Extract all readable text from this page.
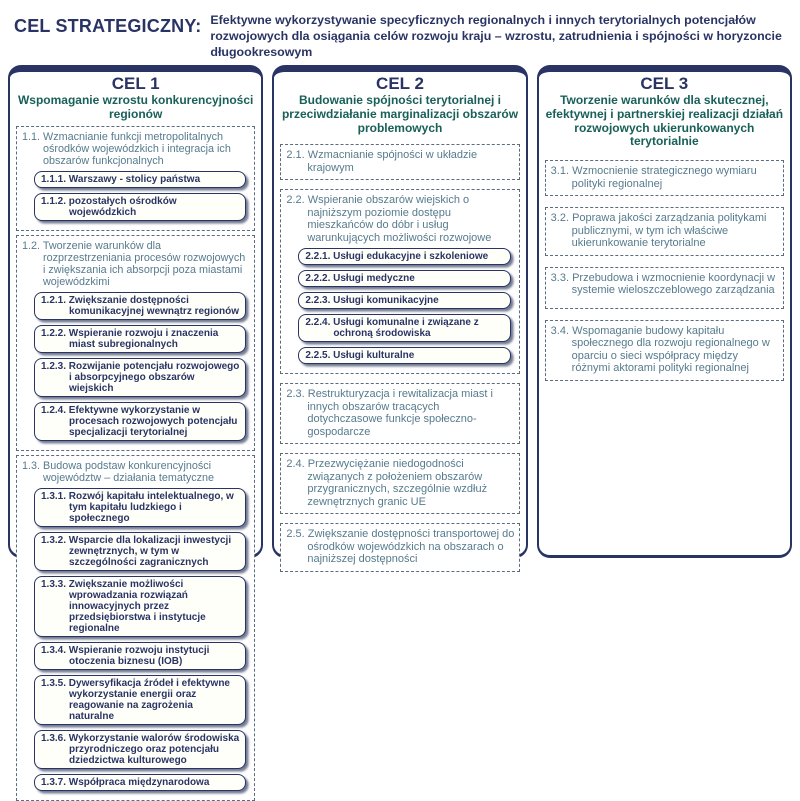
CEL STRATEGICZNY: Efektywne wykorzystywanie specyficznych regionalnych i innych terytorialnych potencjałów rozwojowych dla osiągania celów rozwoju kraju – wzrostu, zatrudnienia i spójności w horyzoncie długookresowym
CEL 1
Wspomaganie wzrostu konkurencyjności regionów
1.1. Wzmacnianie funkcji metropolitalnych ośrodków wojewódzkich i integracja ich obszarów funkcjonalnych
1.1.1. Warszawy - stolicy państwa
1.1.2. pozostałych ośrodków wojewódzkich
1.2. Tworzenie warunków dla rozprzestrzeniania procesów rozwojowych i zwiększania ich absorpcji poza miastami wojewódzkimi
1.2.1. Zwiększanie dostępności komunikacyjnej wewnątrz regionów
1.2.2. Wspieranie rozwoju i znaczenia miast subregionalnych
1.2.3. Rozwijanie potencjału rozwojowego i absorpcyjnego obszarów wiejskich
1.2.4. Efektywne wykorzystanie w procesach rozwojowych potencjału specjalizacji terytorialnej
1.3. Budowa podstaw konkurencyjności województw – działania tematyczne
1.3.1. Rozwój kapitału intelektualnego, w tym kapitału ludzkiego i społecznego
1.3.2. Wsparcie dla lokalizacji inwestycji zewnętrznych, w tym w szczególności zagranicznych
1.3.3. Zwiększanie możliwości wprowadzania rozwiązań innowacyjnych przez przedsiębiorstwa i instytucje regionalne
1.3.4. Wspieranie rozwoju instytucji otoczenia biznesu (IOB)
1.3.5. Dywersyfikacja źródeł i efektywne wykorzystanie energii oraz reagowanie na zagrożenia naturalne
1.3.6. Wykorzystanie walorów środowiska przyrodniczego oraz potencjału dziedzictwa kulturowego
1.3.7. Współpraca międzynarodowa
CEL 2
Budowanie spójności terytorialnej i przeciwdziałanie marginalizacji obszarów problemowych
2.1. Wzmacnianie spójności w układzie krajowym
2.2. Wspieranie obszarów wiejskich o najniższym poziomie dostępu mieszkańców do dóbr i usług warunkujących możliwości rozwojowe
2.2.1. Usługi edukacyjne i szkoleniowe
2.2.2. Usługi medyczne
2.2.3. Usługi komunikacyjne
2.2.4. Usługi komunalne i związane z ochroną środowiska
2.2.5. Usługi kulturalne
2.3. Restrukturyzacja i rewitalizacja miast i innych obszarów tracących dotychczasowe funkcje społeczno-gospodarcze
2.4. Przezwyciężanie niedogodności związanych z położeniem obszarów przygranicznych, szczególnie wzdłuż zewnętrznych granic UE
2.5. Zwiększanie dostępności transportowej do ośrodków wojewódzkich na obszarach o najniższej dostępności
CEL 3
Tworzenie warunków dla skutecznej, efektywnej i partnerskiej realizacji działań rozwojowych ukierunkowanych terytorialnie
3.1. Wzmocnienie strategicznego wymiaru polityki regionalnej
3.2. Poprawa jakości zarządzania politykami publicznymi, w tym ich właściwe ukierunkowanie terytorialne
3.3. Przebudowa i wzmocnienie koordynacji w systemie wieloszczeblowego zarządzania
3.4. Wspomaganie budowy kapitału społecznego dla rozwoju regionalnego w oparciu o sieci współpracy między różnymi aktorami polityki regionalnej
